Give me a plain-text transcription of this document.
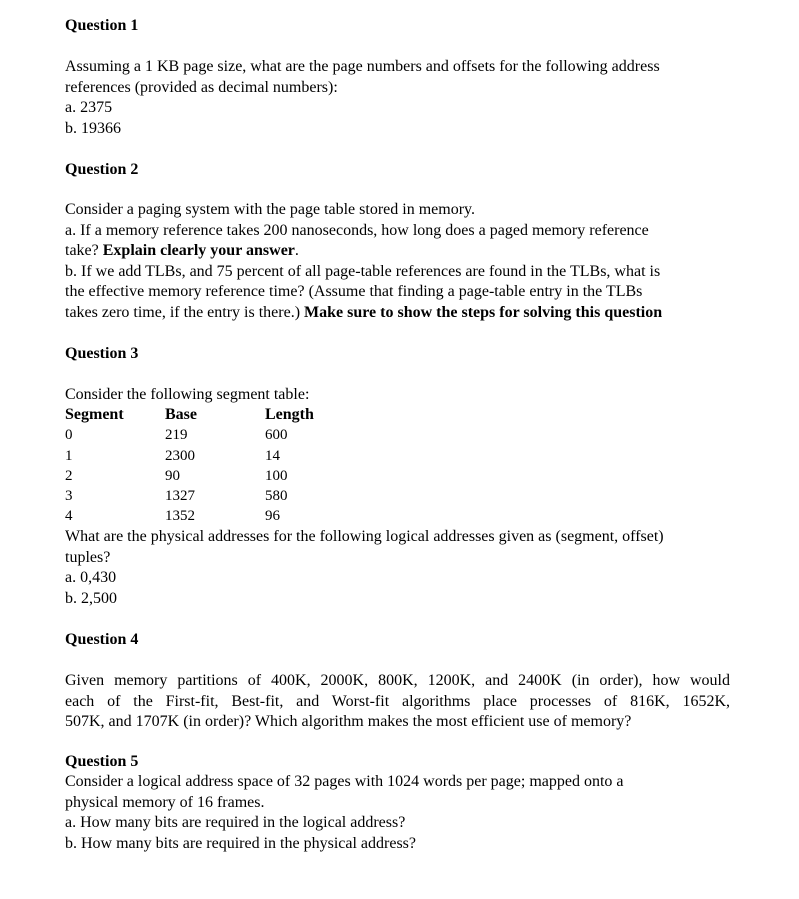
Question 1
Assuming a 1 KB page size, what are the page numbers and offsets for the following address
references (provided as decimal numbers):
a. 2375
b. 19366
Question 2
Consider a paging system with the page table stored in memory.
a. If a memory reference takes 200 nanoseconds, how long does a paged memory reference
take? Explain clearly your answer.
b. If we add TLBs, and 75 percent of all page-table references are found in the TLBs, what is
the effective memory reference time? (Assume that finding a page-table entry in the TLBs
takes zero time, if the entry is there.) Make sure to show the steps for solving this question
Question 3
Consider the following segment table:
Segment	Base	Length
0	219	600
1	2300	14
2	90	100
3	1327	580
4	1352	96
What are the physical addresses for the following logical addresses given as (segment, offset)
tuples?
a. 0,430
b. 2,500
Question 4
Given memory partitions of 400K, 2000K, 800K, 1200K, and 2400K (in order), how would
each of the First-fit, Best-fit, and Worst-fit algorithms place processes of 816K, 1652K,
507K, and 1707K (in order)? Which algorithm makes the most efficient use of memory?
Question 5
Consider a logical address space of 32 pages with 1024 words per page; mapped onto a
physical memory of 16 frames.
a. How many bits are required in the logical address?
b. How many bits are required in the physical address?
